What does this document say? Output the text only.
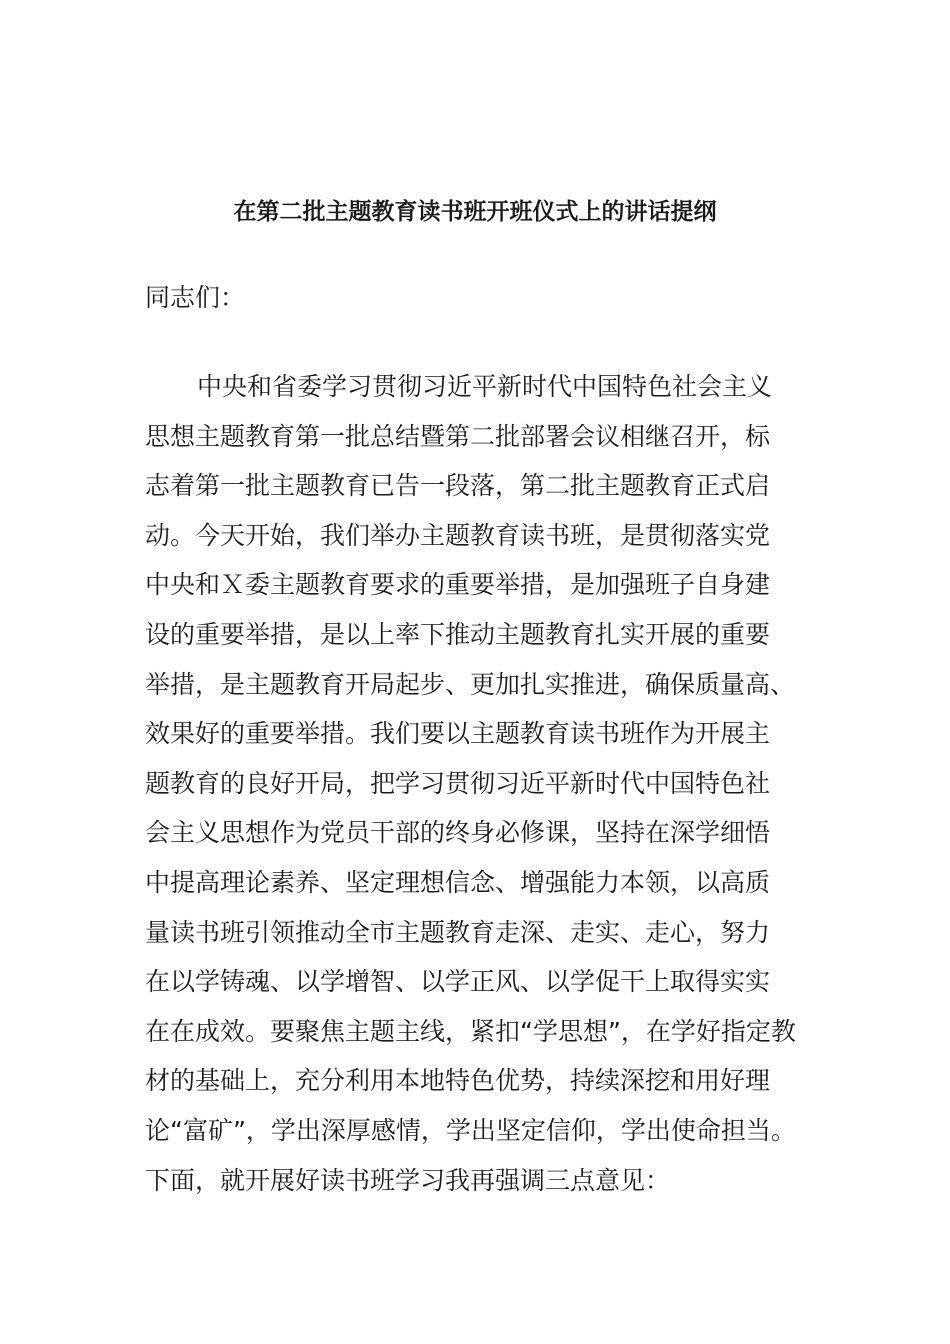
在第二批主题教育读书班开班仪式上的讲话提纲
同志们：
中央和省委学习贯彻习近平新时代中国特色社会主义
思想主题教育第一批总结暨第二批部署会议相继召开，标
志着第一批主题教育已告一段落，第二批主题教育正式启
动。今天开始，我们举办主题教育读书班，是贯彻落实党
中央和Ｘ委主题教育要求的重要举措，是加强班子自身建
设的重要举措，是以上率下推动主题教育扎实开展的重要
举措，是主题教育开局起步、更加扎实推进，确保质量高、
效果好的重要举措。我们要以主题教育读书班作为开展主
题教育的良好开局，把学习贯彻习近平新时代中国特色社
会主义思想作为党员干部的终身必修课，坚持在深学细悟
中提高理论素养、坚定理想信念、增强能力本领，以高质
量读书班引领推动全市主题教育走深、走实、走心，努力
在以学铸魂、以学增智、以学正风、以学促干上取得实实
在在成效。要聚焦主题主线，紧扣“学思想”，在学好指定教
材的基础上，充分利用本地特色优势，持续深挖和用好理
论“富矿”，学出深厚感情，学出坚定信仰，学出使命担当。
下面，就开展好读书班学习我再强调三点意见：
